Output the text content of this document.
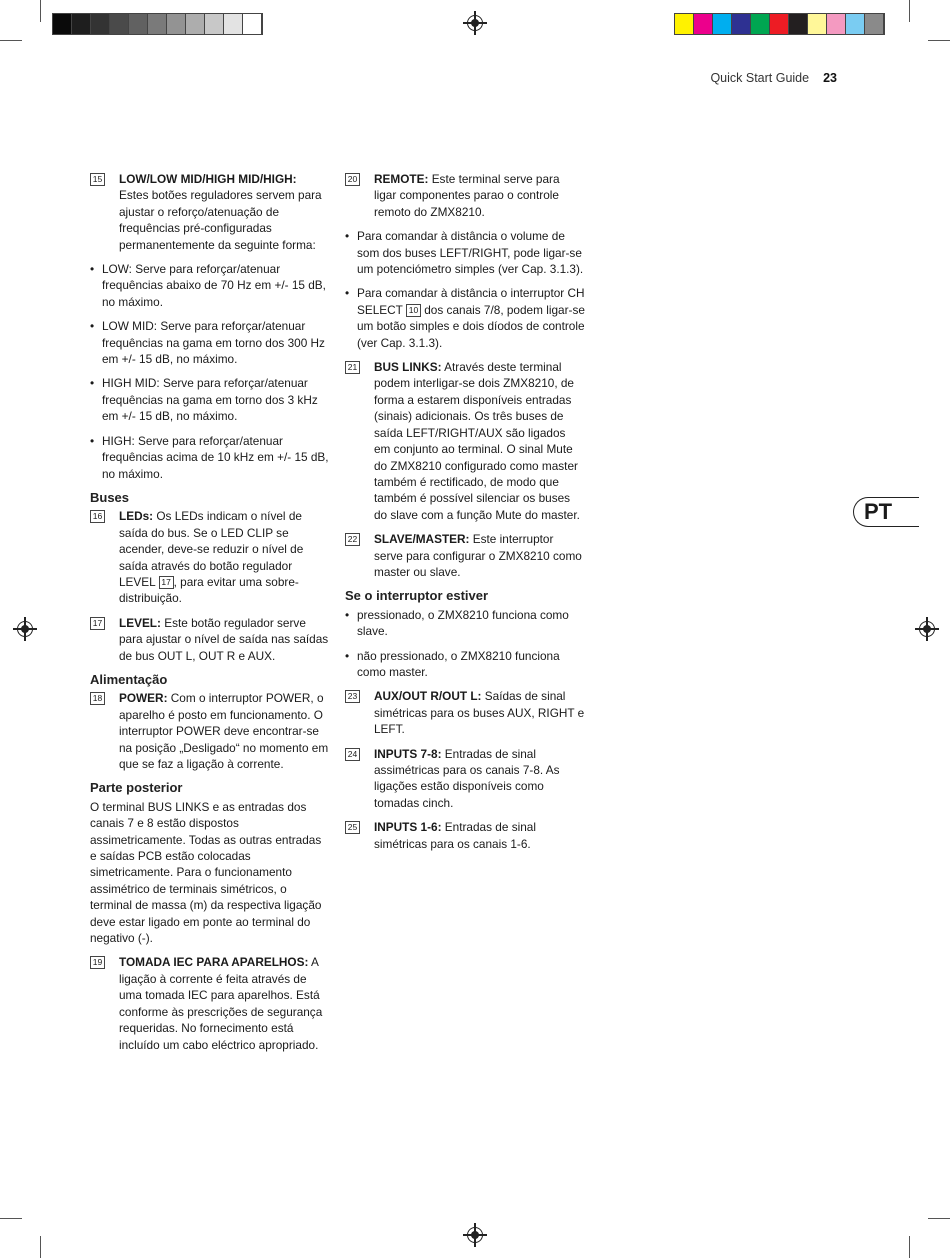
Quick Start Guide 23
PT
15 LOW/LOW MID/HIGH MID/HIGH:
Estes botões reguladores servem para ajustar o reforço/atenuação de frequências pré-configuradas permanentemente da seguinte forma:
• LOW: Serve para reforçar/atenuar frequências abaixo de 70 Hz em +/- 15 dB, no máximo.
• LOW MID: Serve para reforçar/atenuar frequências na gama em torno dos 300 Hz em +/- 15 dB, no máximo.
• HIGH MID: Serve para reforçar/atenuar frequências na gama em torno dos 3 kHz em +/- 15 dB, no máximo.
• HIGH: Serve para reforçar/atenuar frequências acima de 10 kHz em +/- 15 dB, no máximo.
Buses
16 LEDs: Os LEDs indicam o nível de saída do bus. Se o LED CLIP se acender, deve-se reduzir o nível de saída através do botão regulador LEVEL 17 , para evitar uma sobre-distribuição.
17 LEVEL: Este botão regulador serve para ajustar o nível de saída nas saídas de bus OUT L, OUT R e AUX.
Alimentação
18 POWER: Com o interruptor POWER, o aparelho é posto em funcionamento. O interruptor POWER deve encontrar-se na posição „Desligado“ no momento em que se faz a ligação à corrente.
Parte posterior
O terminal BUS LINKS e as entradas dos canais 7 e 8 estão dispostos assimetricamente. Todas as outras entradas e saídas PCB estão colocadas simetricamente. Para o funcionamento assimétrico de terminais simétricos, o terminal de massa (m) da respectiva ligação deve estar ligado em ponte ao terminal do negativo (-).
19 TOMADA IEC PARA APARELHOS: A ligação à corrente é feita através de uma tomada IEC para aparelhos. Está conforme às prescrições de segurança requeridas. No fornecimento está incluído um cabo eléctrico apropriado.
20 REMOTE: Este terminal serve para ligar componentes parao o controle remoto do ZMX8210.
• Para comandar à distância o volume de som dos buses LEFT/RIGHT, pode ligar-se um potenciómetro simples (ver Cap. 3.1.3).
• Para comandar à distância o interruptor CH SELECT 10 dos canais 7/8, podem ligar-se um botão simples e dois díodos de controle (ver Cap. 3.1.3).
21 BUS LINKS: Através deste terminal podem interligar-se dois ZMX8210, de forma a estarem disponíveis entradas (sinais) adicionais. Os três buses de saída LEFT/RIGHT/AUX são ligados em conjunto ao terminal. O sinal Mute do ZMX8210 configurado como master também é rectificado, de modo que também é possível silenciar os buses do slave com a função Mute do master.
22 SLAVE/MASTER: Este interruptor serve para configurar o ZMX8210 como master ou slave.
Se o interruptor estiver
• pressionado, o ZMX8210 funciona como slave.
• não pressionado, o ZMX8210 funciona como master.
23 AUX/OUT R/OUT L: Saídas de sinal simétricas para os buses AUX, RIGHT e LEFT.
24 INPUTS 7-8: Entradas de sinal assimétricas para os canais 7-8. As ligações estão disponíveis como tomadas cinch.
25 INPUTS 1-6: Entradas de sinal simétricas para os canais 1-6.
